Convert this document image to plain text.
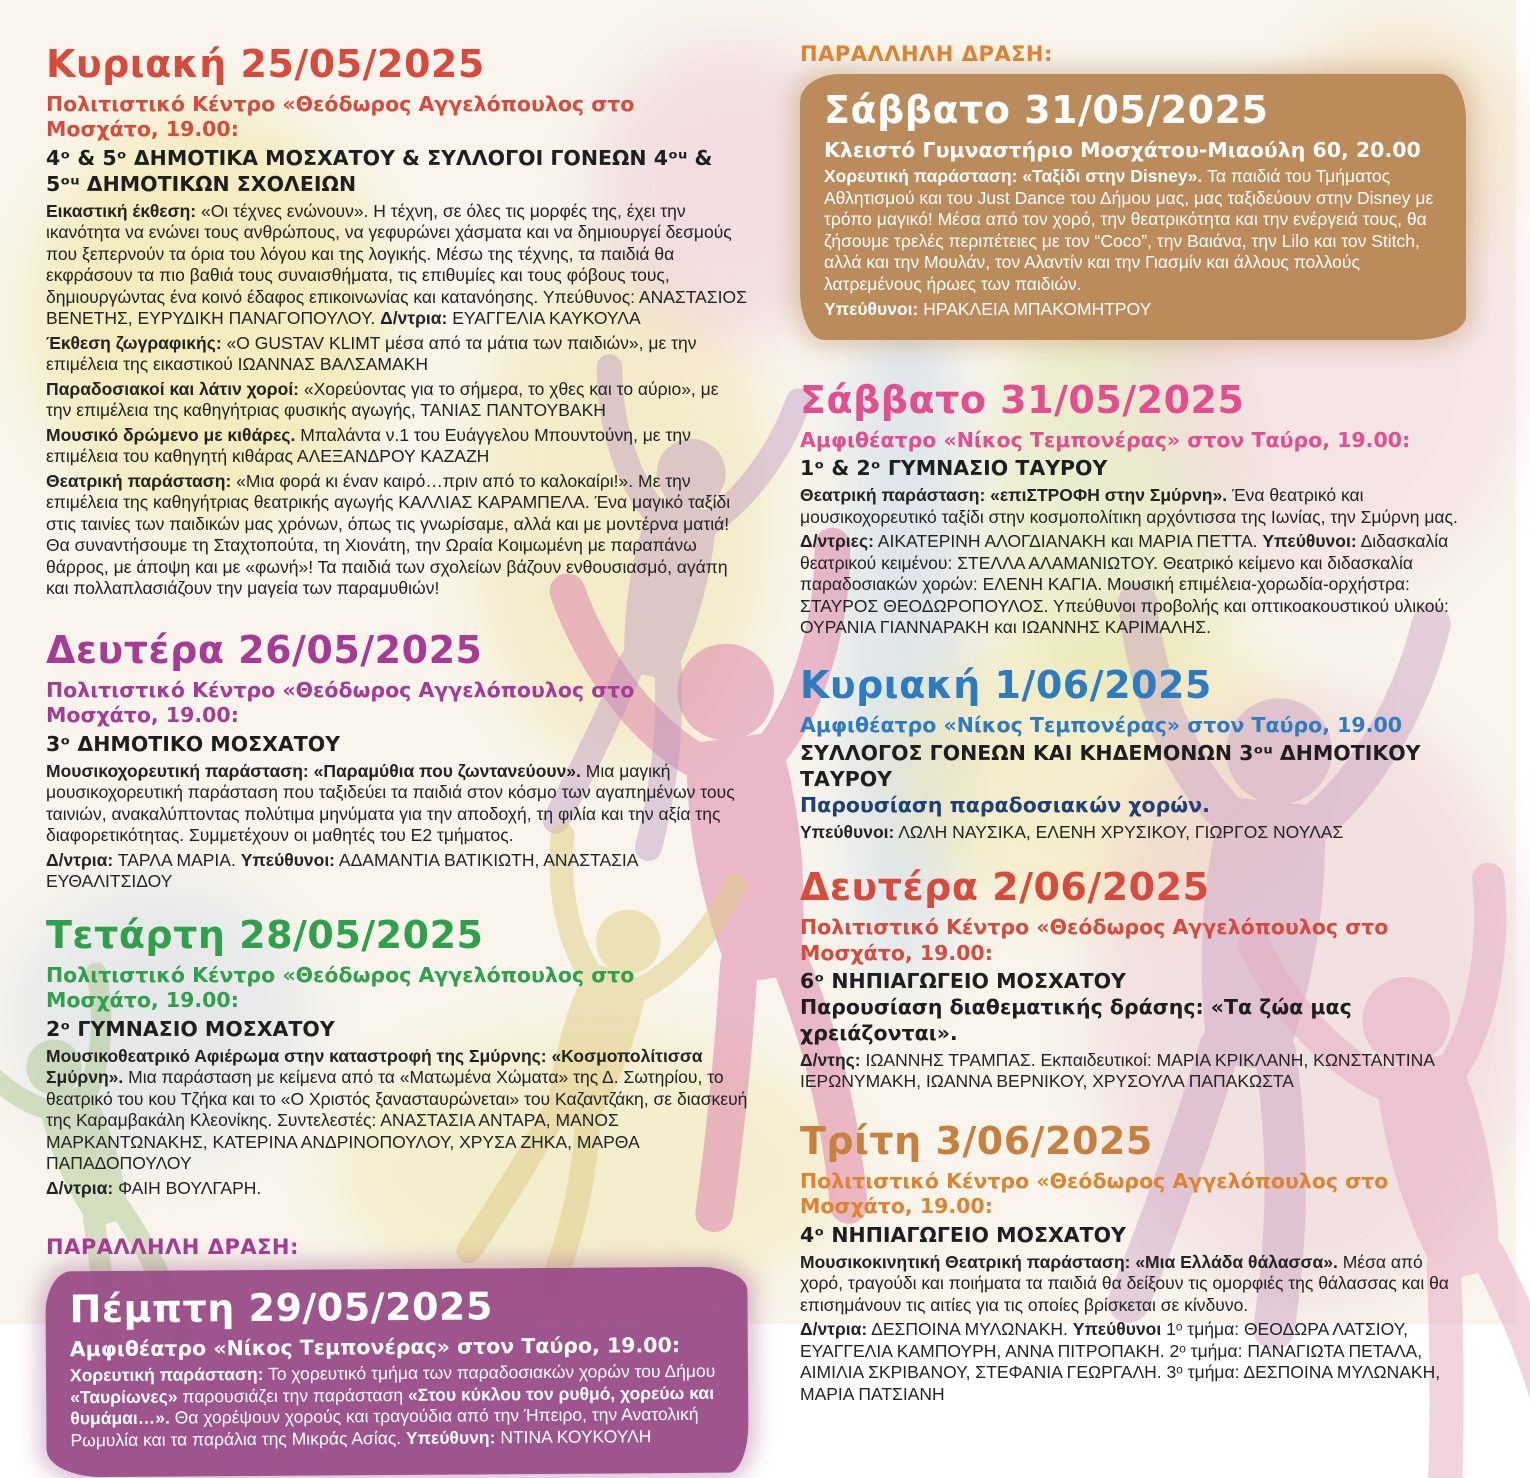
Κυριακή 25/05/2025

Πολιτιστικό Κέντρο «Θεόδωρος Αγγελόπουλος στο Μοσχάτο, 19.00:

4ᵒ & 5ᵒ ΔΗΜΟΤΙΚΑ ΜΟΣΧΑΤΟΥ & ΣΥΛΛΟΓΟΙ ΓΟΝΕΩΝ 4ᵒᵘ &

5ᵒᵘ ΔΗΜΟΤΙΚΩΝ ΣΧΟΛΕΙΩΝ

Εικαστική έκθεση: «Οι τέχνες ενώνουν». Η τέχνη, σε όλες τις μορφές της, έχει την ικανότητα να ενώνει τους ανθρώπους, να γεφυρώνει χάσματα και να δημιουργεί δεσμούς που ξεπερνούν τα όρια του λόγου και της λογικής. Μέσω της τέχνης, τα παιδιά θα εκφράσουν τα πιο βαθιά τους συναισθήματα, τις επιθυμίες και τους φόβους τους, δημιουργώντας ένα κοινό έδαφος επικοινωνίας και κατανόησης. Υπεύθυνος: ΑΝΑΣΤΑΣΙΟΣ ΒΕΝΕΤΗΣ, ΕΥΡΥΔΙΚΗ ΠΑΝΑΓΟΠΟΥΛΟΥ. Δ/ντρια: ΕΥΑΓΓΕΛΙΑ ΚΑΥΚΟΥΛΑ

Έκθεση ζωγραφικής: «Ο GUSTAV KLIMT μέσα από τα μάτια των παιδιών», με την επιμέλεια της εικαστικού ΙΩΑΝΝΑΣ ΒΑΛΣΑΜΑΚΗ

Παραδοσιακοί και λάτιν χοροί: «Χορεύοντας για το σήμερα, το χθες και το αύριο», με την επιμέλεια της καθηγήτριας φυσικής αγωγής, ΤΑΝΙΑΣ ΠΑΝΤΟΥΒΑΚΗ

Μουσικό δρώμενο με κιθάρες. Μπαλάντα ν.1 του Ευάγγελου Μπουντούνη, με την επιμέλεια του καθηγητή κιθάρας ΑΛΕΞΑΝΔΡΟΥ ΚΑΖΑΖΗ

Θεατρική παράσταση: «Μια φορά κι έναν καιρό…πριν από το καλοκαίρι!». Με την επιμέλεια της καθηγήτριας θεατρικής αγωγής ΚΑΛΛΙΑΣ ΚΑΡΑΜΠΕΛΑ. Ένα μαγικό ταξίδι στις ταινίες των παιδικών μας χρόνων, όπως τις γνωρίσαμε, αλλά και με μοντέρνα ματιά! Θα συναντήσουμε τη Σταχτοπούτα, τη Χιονάτη, την Ωραία Κοιμωμένη με παραπάνω θάρρος, με άποψη και με «φωνή»! Τα παιδιά των σχολείων βάζουν ενθουσιασμό, αγάπη και πολλαπλασιάζουν την μαγεία των παραμυθιών!

Δευτέρα 26/05/2025

Πολιτιστικό Κέντρο «Θεόδωρος Αγγελόπουλος στο Μοσχάτο, 19.00:

3ᵒ ΔΗΜΟΤΙΚΟ ΜΟΣΧΑΤΟΥ

Μουσικοχορευτική παράσταση: «Παραμύθια που ζωντανεύουν». Μια μαγική μουσικοχορευτική παράσταση που ταξιδεύει τα παιδιά στον κόσμο των αγαπημένων τους ταινιών, ανακαλύπτοντας πολύτιμα μηνύματα για την αποδοχή, τη φιλία και την αξία της διαφορετικότητας. Συμμετέχουν οι μαθητές του Ε2 τμήματος.

Δ/ντρια: ΤΑΡΛΑ ΜΑΡΙΑ. Υπεύθυνοι: ΑΔΑΜΑΝΤΙΑ ΒΑΤΙΚΙΩΤΗ, ΑΝΑΣΤΑΣΙΑ ΕΥΘΑΛΙΤΣΙΔΟΥ

Τετάρτη 28/05/2025

Πολιτιστικό Κέντρο «Θεόδωρος Αγγελόπουλος στο Μοσχάτο, 19.00:

2ᵒ ΓΥΜΝΑΣΙΟ ΜΟΣΧΑΤΟΥ

Μουσικοθεατρικό Αφιέρωμα στην καταστροφή της Σμύρνης: «Κοσμοπολίτισσα Σμύρνη». Μια παράσταση με κείμενα από τα «Ματωμένα Χώματα» της Δ. Σωτηρίου, το θεατρικό του κου Τζήκα και το «Ο Χριστός ξανασταυρώνεται» του Καζαντζάκη, σε διασκευή της Καραμβακάλη Κλεονίκης. Συντελεστές: ΑΝΑΣΤΑΣΙΑ ΑΝΤΑΡΑ, ΜΑΝΟΣ ΜΑΡΚΑΝΤΩΝΑΚΗΣ, ΚΑΤΕΡΙΝΑ ΑΝΔΡΙΝΟΠΟΥΛΟΥ, ΧΡΥΣΑ ΖΗΚΑ, ΜΑΡΘΑ ΠΑΠΑΔΟΠΟΥΛΟΥ

Δ/ντρια: ΦΑΙΗ ΒΟΥΛΓΑΡΗ.

ΠΑΡΑΛΛΗΛΗ ΔΡΑΣΗ:

Πέμπτη 29/05/2025

Αμφιθέατρο «Νίκος Τεμπονέρας» στον Ταύρο, 19.00:

Χορευτική παράσταση: Το χορευτικό τμήμα των παραδοσιακών χορών του Δήμου «Ταυρίωνες» παρουσιάζει την παράσταση «Στου κύκλου τον ρυθμό, χορεύω και θυμάμαι…». Θα χορέψουν χορούς και τραγούδια από την Ήπειρο, την Ανατολική Ρωμυλία και τα παράλια της Μικράς Ασίας. Υπεύθυνη: ΝΤΙΝΑ ΚΟΥΚΟΥΛΗ

ΠΑΡΑΛΛΗΛΗ ΔΡΑΣΗ:

Σάββατο 31/05/2025

Κλειστό Γυμναστήριο Μοσχάτου-Μιαούλη 60, 20.00

Χορευτική παράσταση: «Ταξίδι στην Disney». Τα παιδιά του Τμήματος Αθλητισμού και του Just Dance του Δήμου μας, μας ταξιδεύουν στην Disney με τρόπο μαγικό! Μέσα από τον χορό, την θεατρικότητα και την ενέργειά τους, θα ζήσουμε τρελές περιπέτειες με τον “Coco”, την Βαιάνα, την Lilo και τον Stitch, αλλά και την Μουλάν, τον Αλαντίν και την Γιασμίν και άλλους πολλούς λατρεμένους ήρωες των παιδιών.

Υπεύθυνοι: ΗΡΑΚΛΕΙΑ ΜΠΑΚΟΜΗΤΡΟΥ

Σάββατο 31/05/2025

Αμφιθέατρο «Νίκος Τεμπονέρας» στον Ταύρο, 19.00:

1ᵒ & 2ᵒ ΓΥΜΝΑΣΙΟ ΤΑΥΡΟΥ

Θεατρική παράσταση: «επιΣΤΡΟΦΗ στην Σμύρνη». Ένα θεατρικό και μουσικοχορευτικό ταξίδι στην κοσμοπολίτικη αρχόντισσα της Ιωνίας, την Σμύρνη μας.

Δ/ντριες: ΑΙΚΑΤΕΡΙΝΗ ΑΛΟΓΔΙΑΝΑΚΗ και ΜΑΡΙΑ ΠΕΤΤΑ. Υπεύθυνοι: Διδασκαλία θεατρικού κειμένου: ΣΤΕΛΛΑ ΑΛΑΜΑΝΙΩΤΟΥ. Θεατρικό κείμενο και διδασκαλία παραδοσιακών χορών: ΕΛΕΝΗ ΚΑΓΙΑ. Μουσική επιμέλεια-χορωδία-ορχήστρα: ΣΤΑΥΡΟΣ ΘΕΟΔΩΡΟΠΟΥΛΟΣ. Υπεύθυνοι προβολής και οπτικοακουστικού υλικού: ΟΥΡΑΝΙΑ ΓΙΑΝΝΑΡΑΚΗ και ΙΩΑΝΝΗΣ ΚΑΡΙΜΑΛΗΣ.

Κυριακή 1/06/2025

Αμφιθέατρο «Νίκος Τεμπονέρας» στον Ταύρο, 19.00

ΣΥΛΛΟΓΟΣ ΓΟΝΕΩΝ ΚΑΙ ΚΗΔΕΜΟΝΩΝ 3ᵒᵘ ΔΗΜΟΤΙΚΟΥ ΤΑΥΡΟΥ

Παρουσίαση παραδοσιακών χορών.

Υπεύθυνοι: ΛΩΛΗ ΝΑΥΣΙΚΑ, ΕΛΕΝΗ ΧΡΥΣΙΚΟΥ, ΓΙΩΡΓΟΣ ΝΟΥΛΑΣ

Δευτέρα 2/06/2025

Πολιτιστικό Κέντρο «Θεόδωρος Αγγελόπουλος στο Μοσχάτο, 19.00:

6ᵒ ΝΗΠΙΑΓΩΓΕΙΟ ΜΟΣΧΑΤΟΥ

Παρουσίαση διαθεματικής δράσης: «Τα ζώα μας χρειάζονται».

Δ/ντης: ΙΩΑΝΝΗΣ ΤΡΑΜΠΑΣ. Εκπαιδευτικοί: ΜΑΡΙΑ ΚΡΙΚΛΑΝΗ, ΚΩΝΣΤΑΝΤΙΝΑ ΙΕΡΩΝΥΜΑΚΗ, ΙΩΑΝΝΑ ΒΕΡΝΙΚΟΥ, ΧΡΥΣΟΥΛΑ ΠΑΠΑΚΩΣΤΑ

Τρίτη 3/06/2025

Πολιτιστικό Κέντρο «Θεόδωρος Αγγελόπουλος στο Μοσχάτο, 19.00:

4ᵒ ΝΗΠΙΑΓΩΓΕΙΟ ΜΟΣΧΑΤΟΥ

Μουσικοκινητική Θεατρική παράσταση: «Μια Ελλάδα θάλασσα». Μέσα από χορό, τραγούδι και ποιήματα τα παιδιά θα δείξουν τις ομορφιές της θάλασσας και θα επισημάνουν τις αιτίες για τις οποίες βρίσκεται σε κίνδυνο.

Δ/ντρια: ΔΕΣΠΟΙΝΑ ΜΥΛΩΝΑΚΗ. Υπεύθυνοι 1ᵒ τμήμα: ΘΕΟΔΩΡΑ ΛΑΤΣΙΟΥ, ΕΥΑΓΓΕΛΙΑ ΚΑΜΠΟΥΡΗ, ΑΝΝΑ ΠΙΤΡΟΠΑΚΗ. 2ᵒ τμήμα: ΠΑΝΑΓΙΩΤΑ ΠΕΤΑΛΑ, ΑΙΜΙΛΙΑ ΣΚΡΙΒΑΝΟΥ, ΣΤΕΦΑΝΙΑ ΓΕΩΡΓΑΛΗ. 3ᵒ τμήμα: ΔΕΣΠΟΙΝΑ ΜΥΛΩΝΑΚΗ, ΜΑΡΙΑ ΠΑΤΣΙΑΝΗ
